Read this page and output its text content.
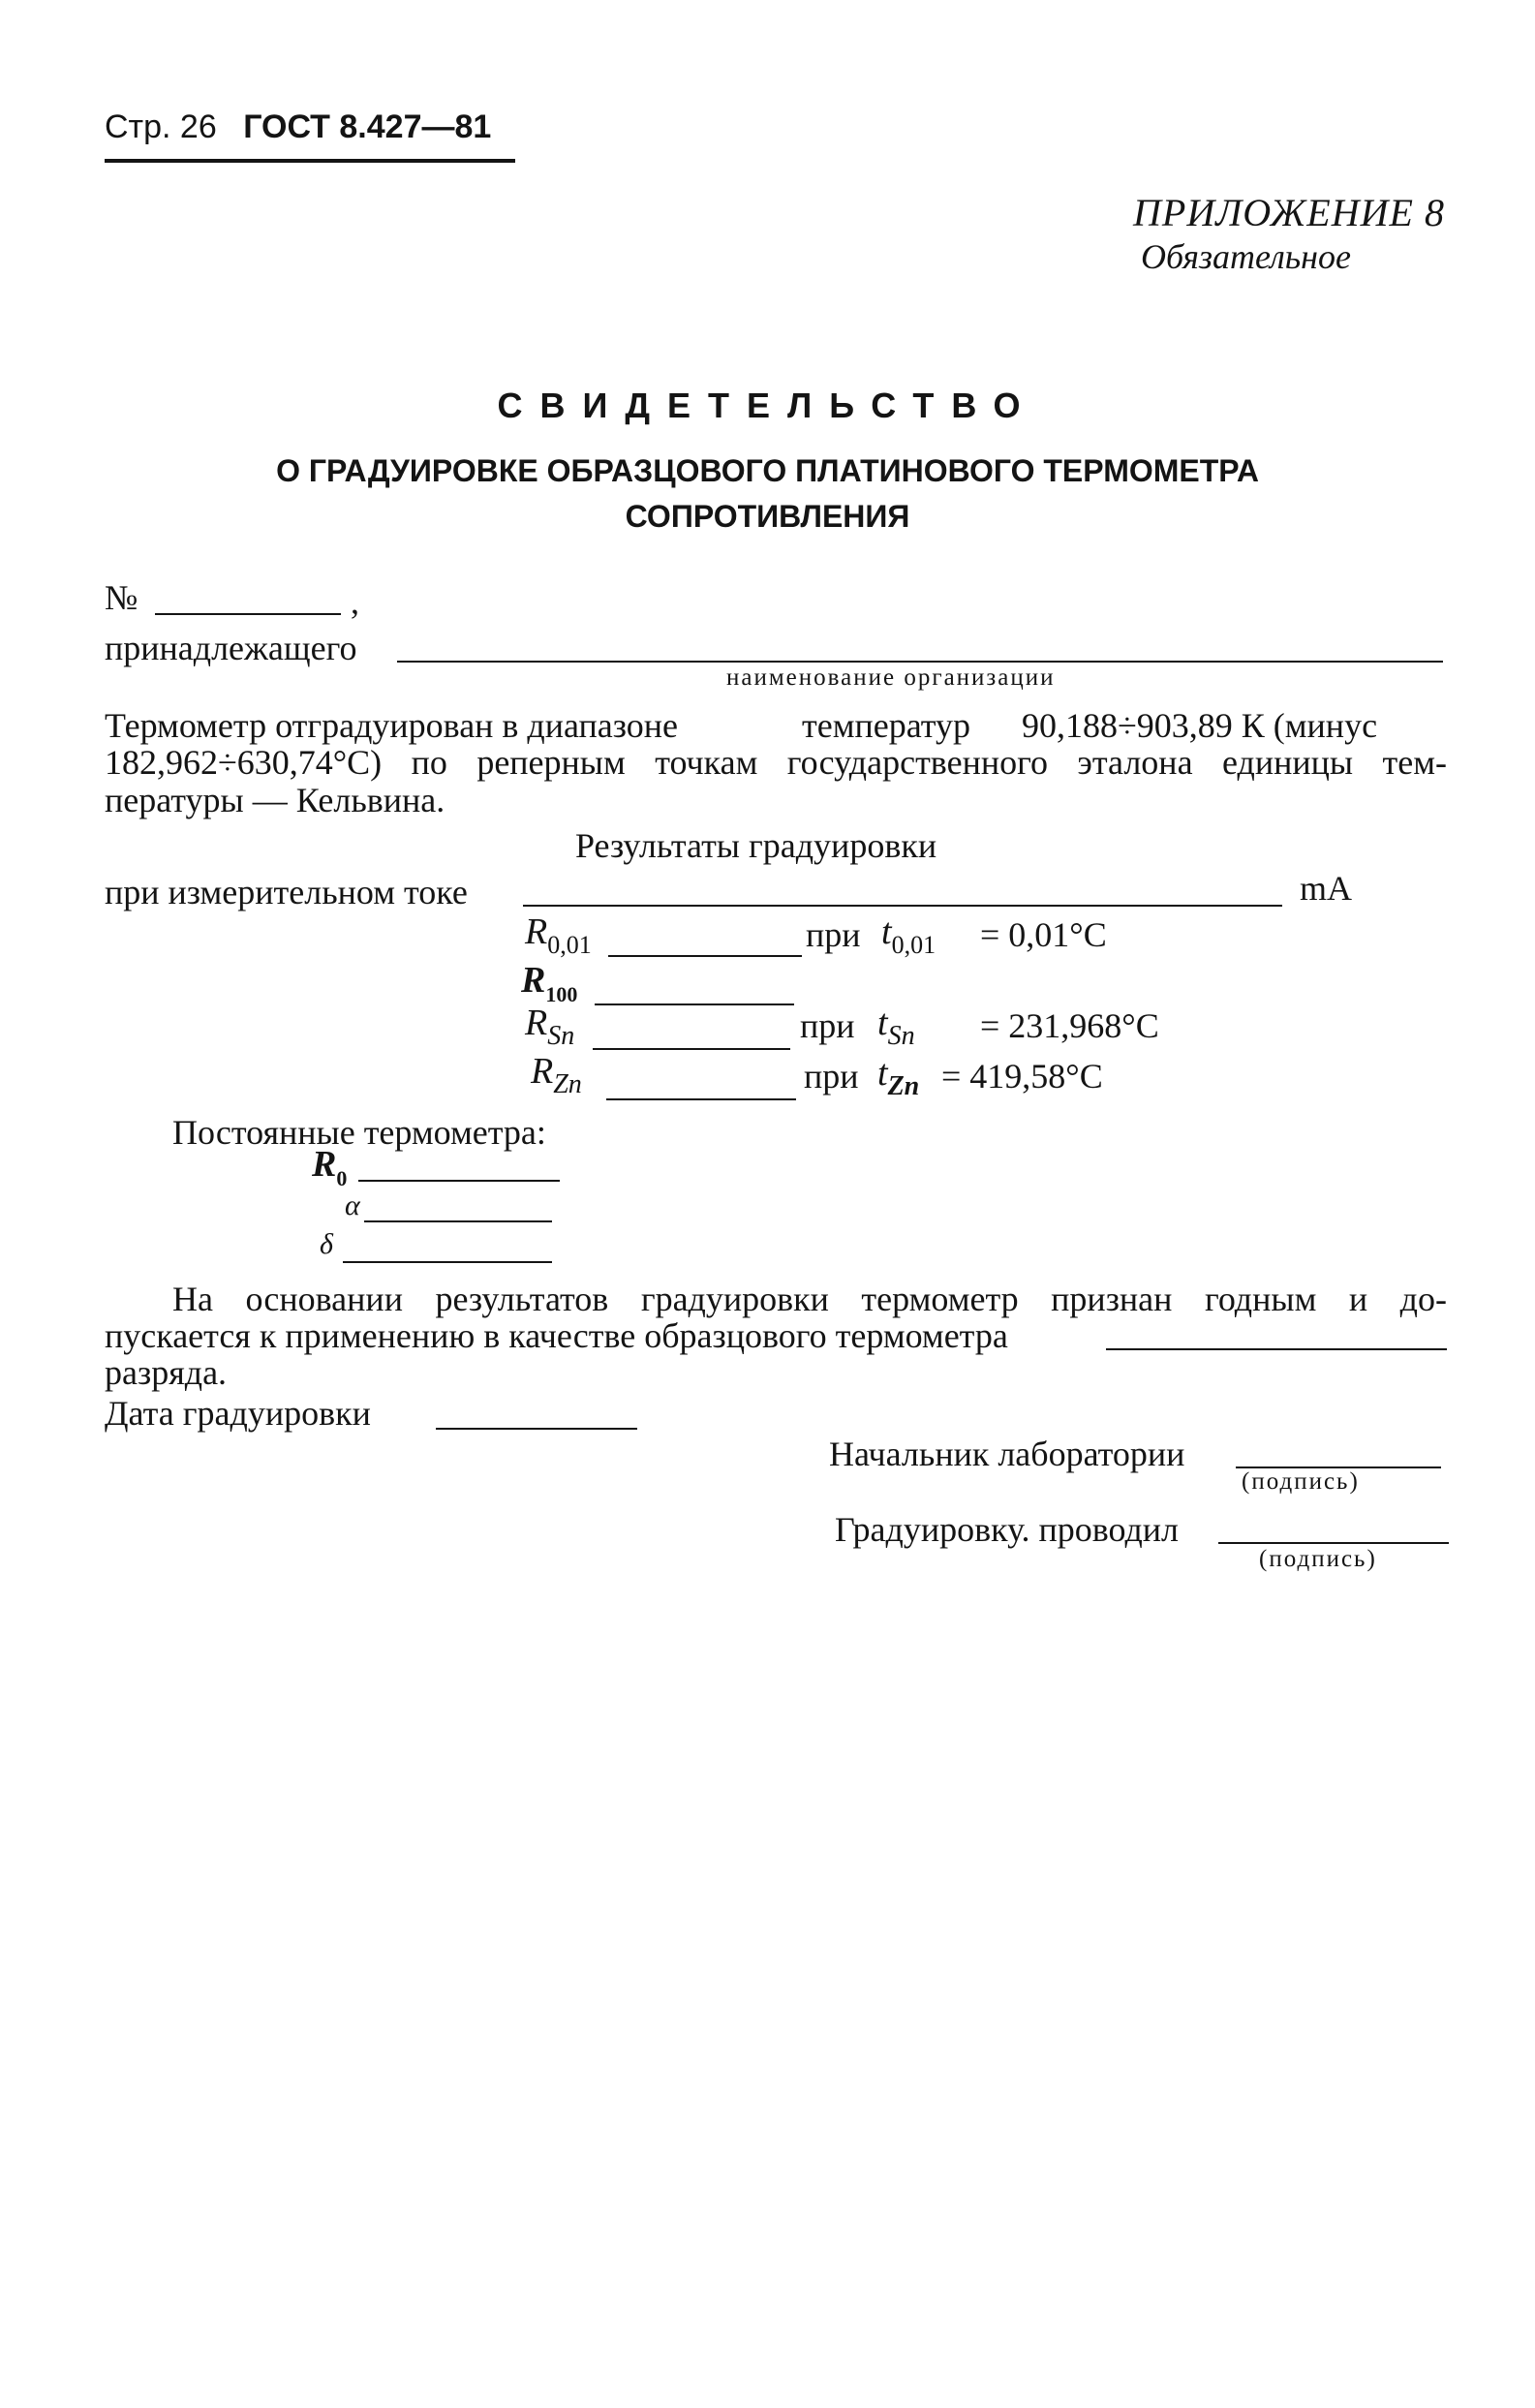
Стр. 26 ГОСТ 8.427—81
ПРИЛОЖЕНИЕ 8
Обязательное
СВИДЕТЕЛЬСТВО
О ГРАДУИРОВКЕ ОБРАЗЦОВОГО ПЛАТИНОВОГО ТЕРМОМЕТРА
СОПРОТИВЛЕНИЯ
№	,
принадлежащего
наименование организации
Термометр отградуирован в диапазоне	температур 90,188÷903,89 К (минус
182,962÷630,74°С) по реперным точкам государственного эталона единицы тем-
пературы — Кельвина.
Результаты градуировки
при измерительном токе	mA
$R_{0,01}$	при $t_{0,01} = 0,01^\circ C$
$R_{100}$
$R_{Sn}$	при $t_{Sn} = 231,968^\circ C$
$R_{Zn}$	при $t_{Zn} = 419,58^\circ C$
Постоянные термометра:
$R_0$
α
δ
На основании результатов градуировки термометр признан годным и до-
пускается к применению в качестве образцового термометра
разряда.
Дата градуировки
Начальник лаборатории
(подпись)
Градуировку. проводил
(подпись)
